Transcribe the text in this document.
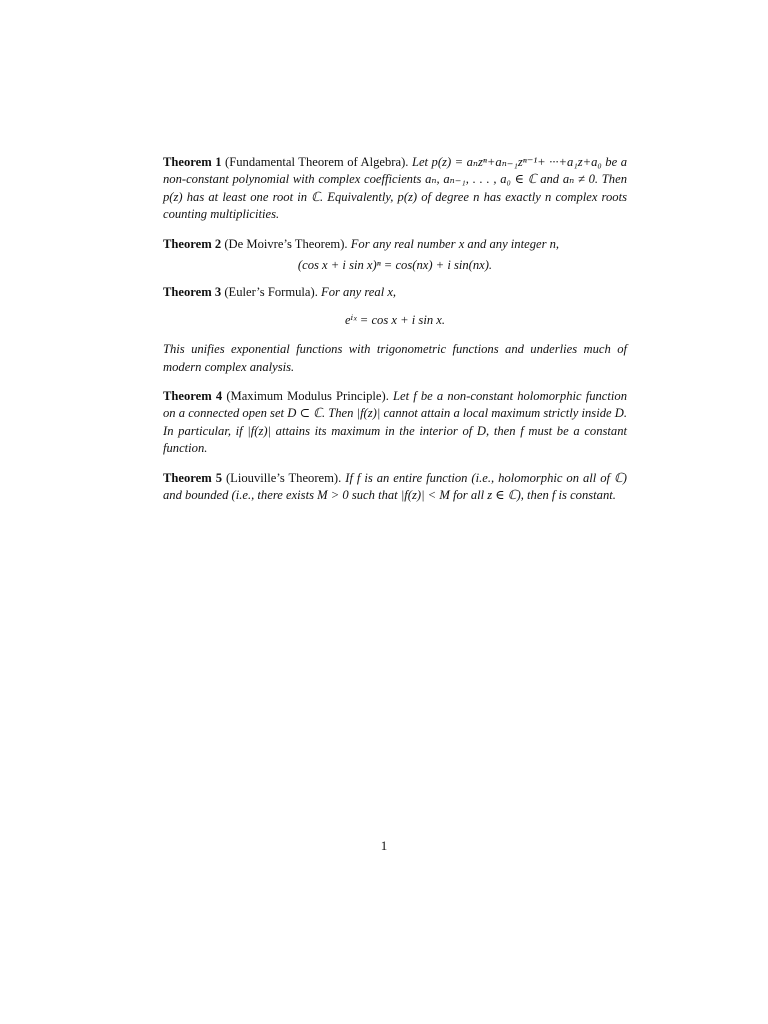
Theorem 1 (Fundamental Theorem of Algebra). Let p(z) = aₙzⁿ+aₙ₋₁zⁿ⁻¹+ ···+a₁z+a₀ be a non-constant polynomial with complex coefficients aₙ, aₙ₋₁, . . . , a₀ ∈ ℂ and aₙ ≠ 0. Then p(z) has at least one root in ℂ. Equivalently, p(z) of degree n has exactly n complex roots counting multiplicities.

Theorem 2 (De Moivre’s Theorem). For any real number x and any integer n,

(cos x + i sin x)ⁿ = cos(nx) + i sin(nx).

Theorem 3 (Euler’s Formula). For any real x,

eⁱˣ = cos x + i sin x.

This unifies exponential functions with trigonometric functions and underlies much of modern complex analysis.

Theorem 4 (Maximum Modulus Principle). Let f be a non-constant holomorphic function on a connected open set D ⊂ ℂ. Then |f(z)| cannot attain a local maximum strictly inside D. In particular, if |f(z)| attains its maximum in the interior of D, then f must be a constant function.

Theorem 5 (Liouville’s Theorem). If f is an entire function (i.e., holomorphic on all of ℂ) and bounded (i.e., there exists M > 0 such that |f(z)| < M for all z ∈ ℂ), then f is constant.

1
